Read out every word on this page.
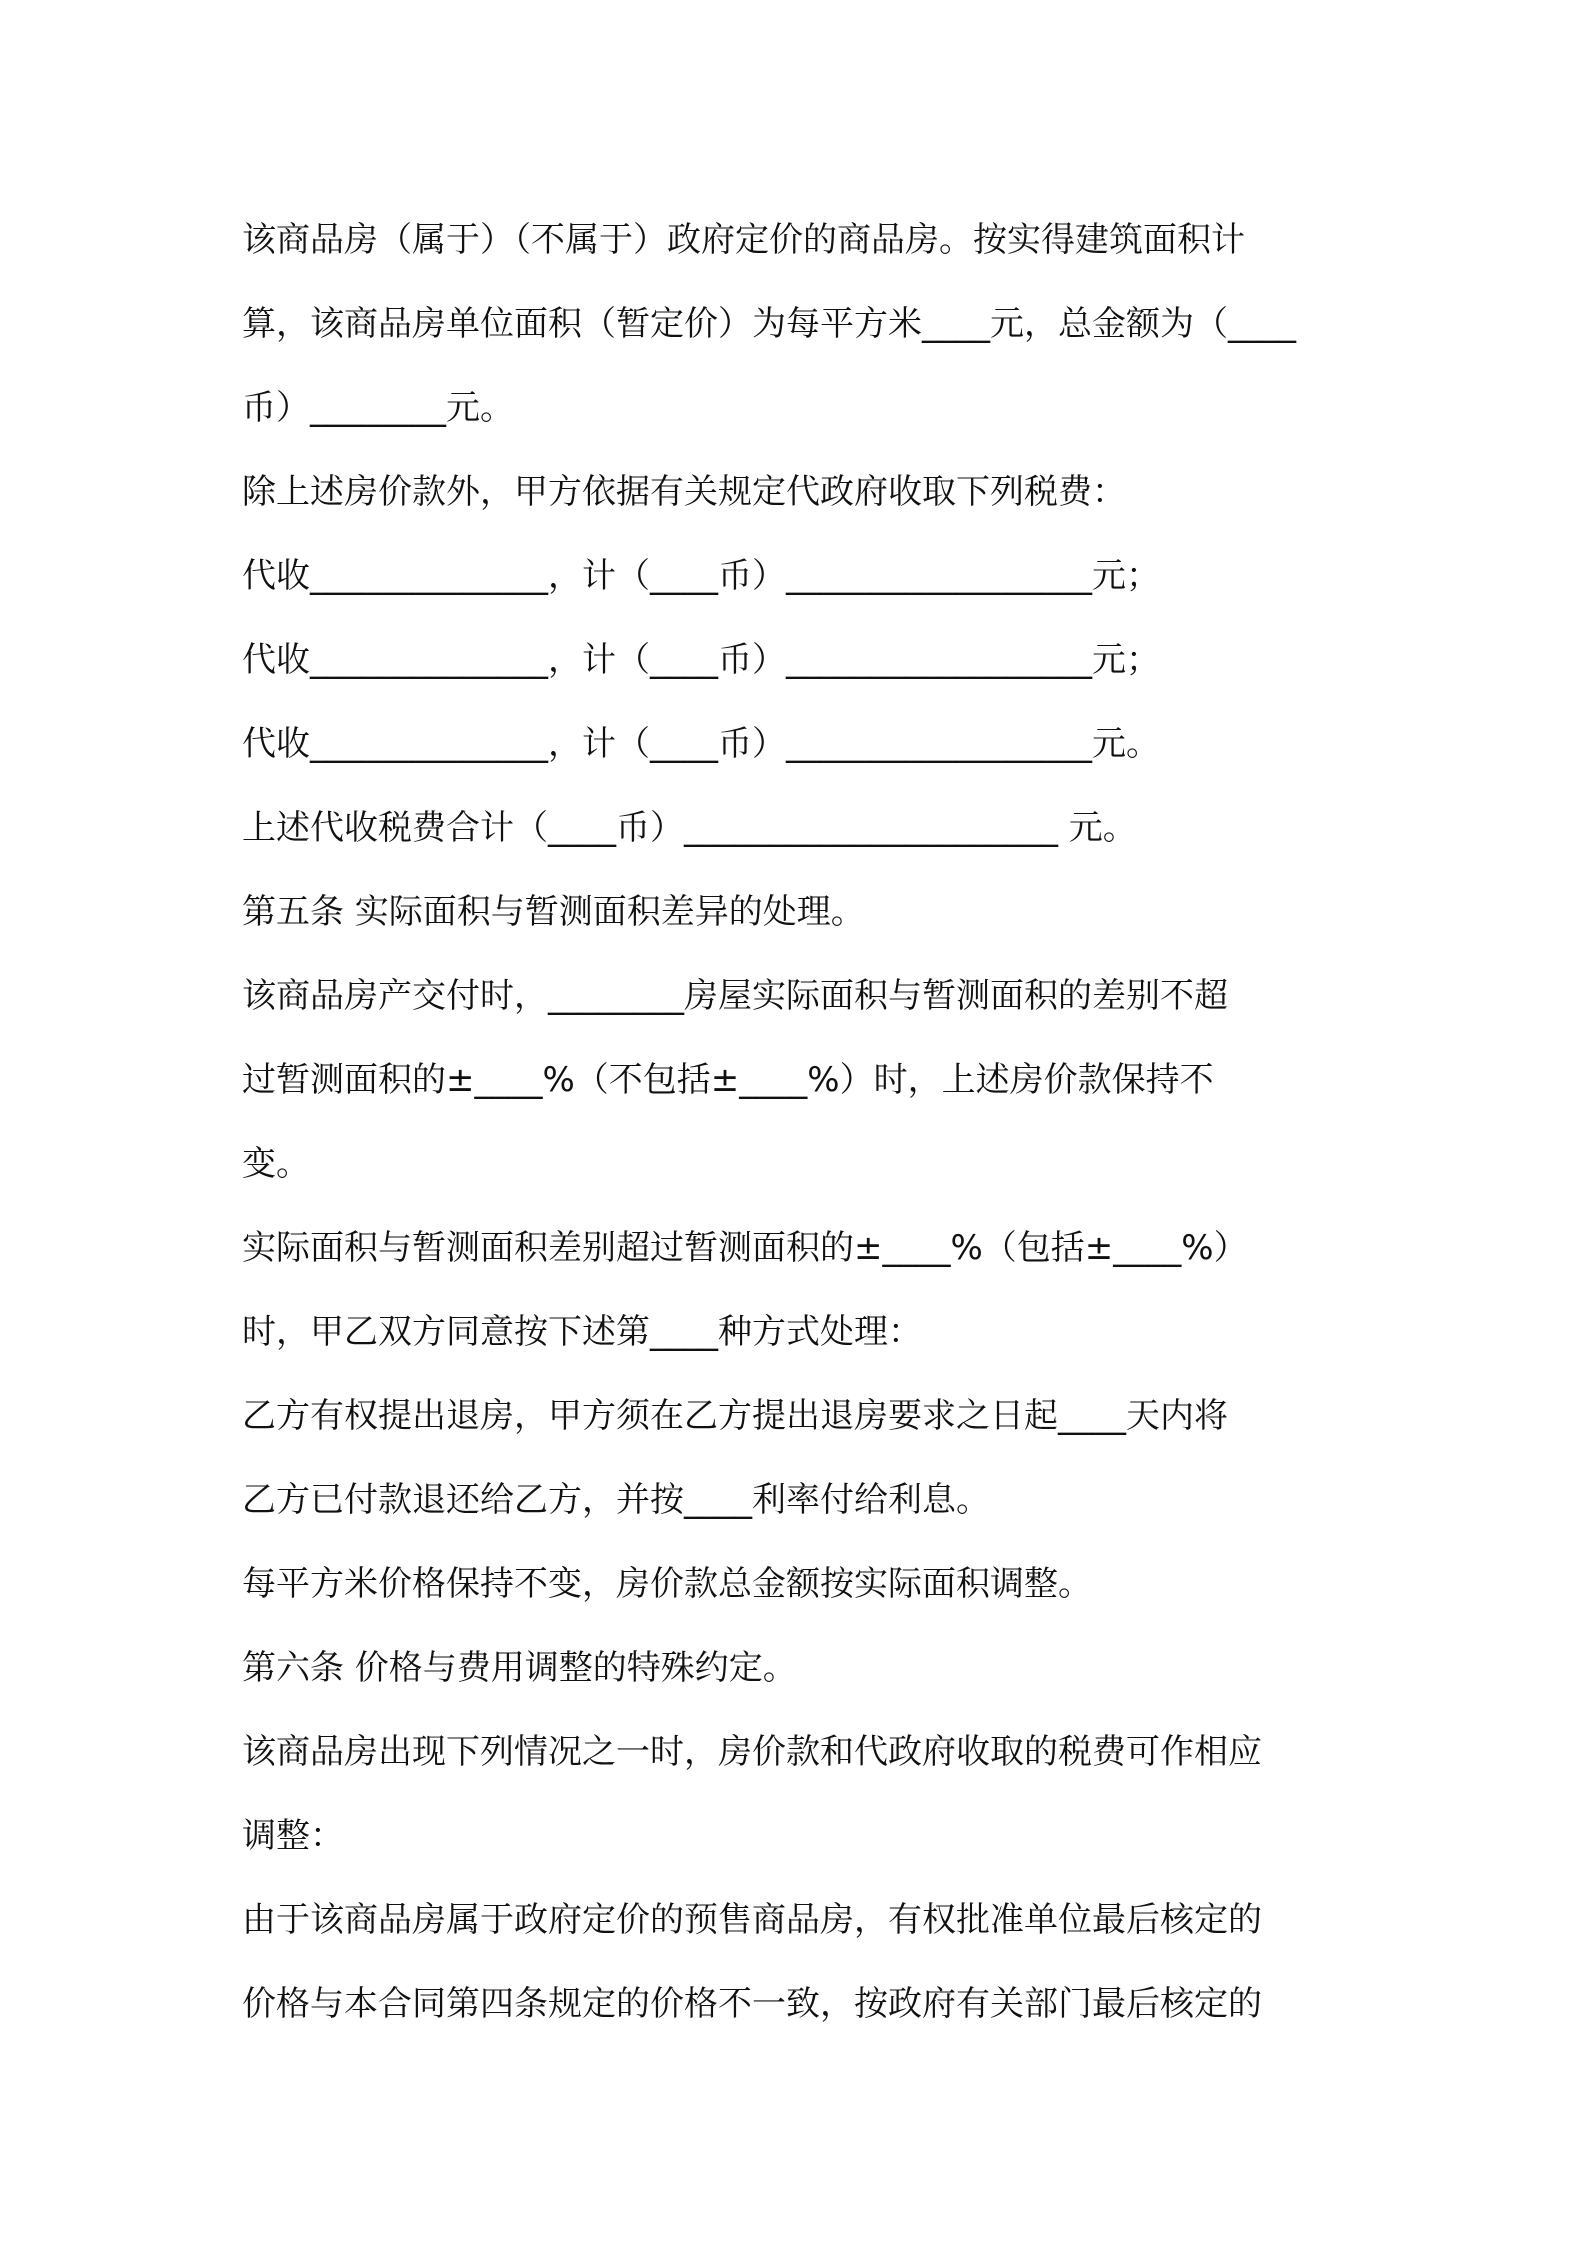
该商品房（属于）（不属于）政府定价的商品房。按实得建筑面积计
算，该商品房单位面积（暂定价）为每平方米____元，总金额为（____
币）________元。
除上述房价款外，甲方依据有关规定代政府收取下列税费：
代收______________，计（____币）__________________元；
代收______________，计（____币）__________________元；
代收______________，计（____币）__________________元。
上述代收税费合计（____币）______________________ 元。
第五条 实际面积与暂测面积差异的处理。
该商品房产交付时，________房屋实际面积与暂测面积的差别不超
过暂测面积的±____%（不包括±____%）时，上述房价款保持不
变。
实际面积与暂测面积差别超过暂测面积的±____%（包括±____%）
时，甲乙双方同意按下述第____种方式处理：
乙方有权提出退房，甲方须在乙方提出退房要求之日起____天内将
乙方已付款退还给乙方，并按____利率付给利息。
每平方米价格保持不变，房价款总金额按实际面积调整。
第六条 价格与费用调整的特殊约定。
该商品房出现下列情况之一时，房价款和代政府收取的税费可作相应
调整：
由于该商品房属于政府定价的预售商品房，有权批准单位最后核定的
价格与本合同第四条规定的价格不一致，按政府有关部门最后核定的
